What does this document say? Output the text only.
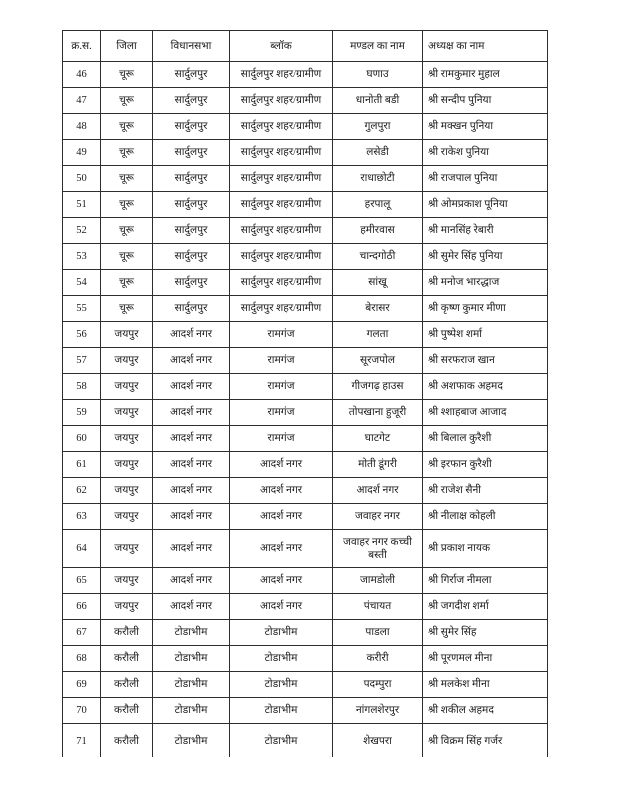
क्र.स.	जिला	विधानसभा	ब्लॉक	मण्डल का नाम	अध्यक्ष का नाम
46	चूरू	सार्दुलपुर	सार्दुलपुर शहर/ग्रामीण	घणाउ	श्री रामकुमार मुहाल
47	चूरू	सार्दुलपुर	सार्दुलपुर शहर/ग्रामीण	धानोती बडी	श्री सन्दीप पुनिया
48	चूरू	सार्दुलपुर	सार्दुलपुर शहर/ग्रामीण	गुलपुरा	श्री मक्खन पुनिया
49	चूरू	सार्दुलपुर	सार्दुलपुर शहर/ग्रामीण	लसेडी	श्री राकेश पुनिया
50	चूरू	सार्दुलपुर	सार्दुलपुर शहर/ग्रामीण	राधाछोटी	श्री राजपाल पुनिया
51	चूरू	सार्दुलपुर	सार्दुलपुर शहर/ग्रामीण	हरपालू	श्री ओमप्रकाश पूनिया
52	चूरू	सार्दुलपुर	सार्दुलपुर शहर/ग्रामीण	हमीरवास	श्री मानसिंह रेबारी
53	चूरू	सार्दुलपुर	सार्दुलपुर शहर/ग्रामीण	चान्दगोठी	श्री सुमेर सिंह पुनिया
54	चूरू	सार्दुलपुर	सार्दुलपुर शहर/ग्रामीण	सांखू	श्री मनोज भारद्धाज
55	चूरू	सार्दुलपुर	सार्दुलपुर शहर/ग्रामीण	बेरासर	श्री कृष्ण कुमार मीणा
56	जयपुर	आदर्श नगर	रामगंज	गलता	श्री पुष्पेश शर्मा
57	जयपुर	आदर्श नगर	रामगंज	सूरजपोल	श्री सरफराज खान
58	जयपुर	आदर्श नगर	रामगंज	गीजगढ़ हाउस	श्री अशफाक अहमद
59	जयपुर	आदर्श नगर	रामगंज	तोपखाना हुजूरी	श्री श्शाहबाज आजाद
60	जयपुर	आदर्श नगर	रामगंज	घाटगेट	श्री बिलाल कुरैशी
61	जयपुर	आदर्श नगर	आदर्श नगर	मोती डूंगरी	श्री इरफान कुरैशी
62	जयपुर	आदर्श नगर	आदर्श नगर	आदर्श नगर	श्री राजेश सैनी
63	जयपुर	आदर्श नगर	आदर्श नगर	जवाहर नगर	श्री नीलाक्ष कोहली
64	जयपुर	आदर्श नगर	आदर्श नगर	जवाहर नगर कच्ची बस्ती	श्री प्रकाश नायक
65	जयपुर	आदर्श नगर	आदर्श नगर	जामडोली	श्री गिर्राज नीमला
66	जयपुर	आदर्श नगर	आदर्श नगर	पंचायत	श्री जगदीश शर्मा
67	करौली	टोडाभीम	टोडाभीम	पाडला	श्री सुमेर सिंह
68	करौली	टोडाभीम	टोडाभीम	करीरी	श्री पूरणमल मीना
69	करौली	टोडाभीम	टोडाभीम	पदम्पुरा	श्री मलकेश मीना
70	करौली	टोडाभीम	टोडाभीम	नांगलशेरपुर	श्री शकील अहमद
71	करौली	टोडाभीम	टोडाभीम	शेखपरा	श्री विक्रम सिंह गर्जर
